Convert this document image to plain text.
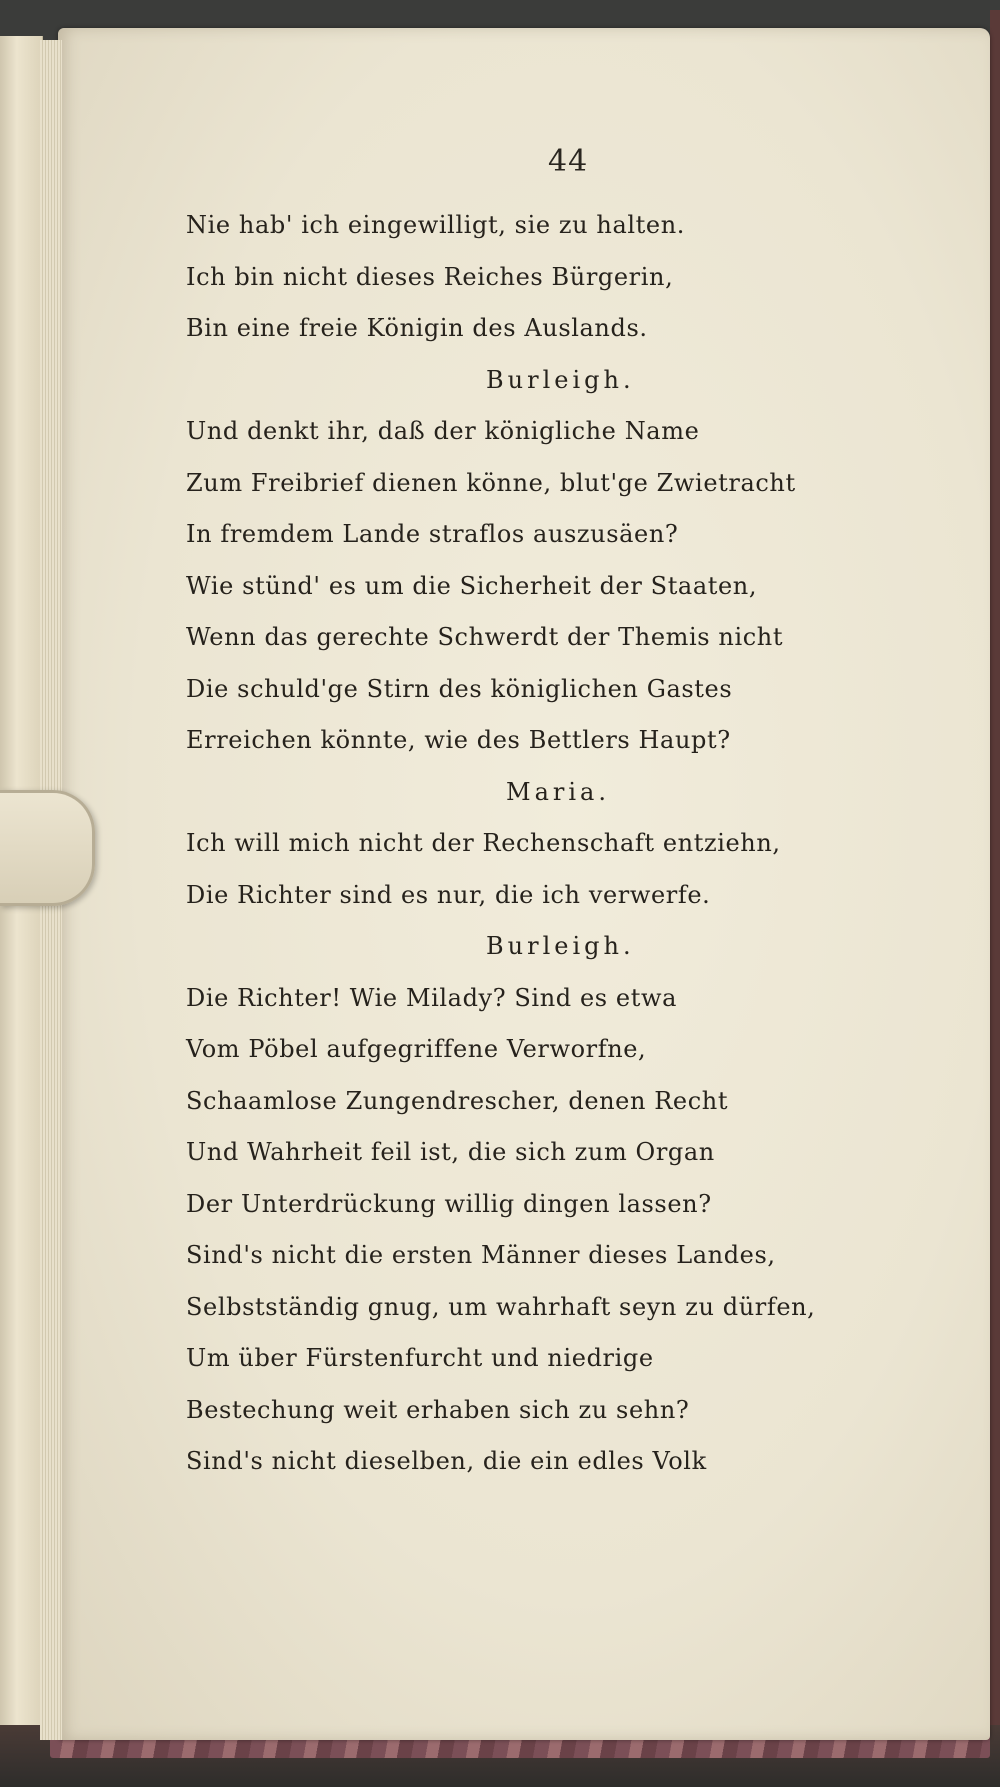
44
Nie hab' ich eingewilligt, sie zu halten.
Ich bin nicht dieses Reiches Bürgerin,
Bin eine freie Königin des Auslands.
Burleigh.
Und denkt ihr, daß der königliche Name
Zum Freibrief dienen könne, blut'ge Zwietracht
In fremdem Lande straflos auszusäen?
Wie stünd' es um die Sicherheit der Staaten,
Wenn das gerechte Schwerdt der Themis nicht
Die schuld'ge Stirn des königlichen Gastes
Erreichen könnte, wie des Bettlers Haupt?
Maria.
Ich will mich nicht der Rechenschaft entziehn,
Die Richter sind es nur, die ich verwerfe.
Burleigh.
Die Richter! Wie Milady? Sind es etwa
Vom Pöbel aufgegriffene Verworfne,
Schaamlose Zungendrescher, denen Recht
Und Wahrheit feil ist, die sich zum Organ
Der Unterdrückung willig dingen lassen?
Sind's nicht die ersten Männer dieses Landes,
Selbstständig gnug, um wahrhaft seyn zu dürfen,
Um über Fürstenfurcht und niedrige
Bestechung weit erhaben sich zu sehn?
Sind's nicht dieselben, die ein edles Volk
